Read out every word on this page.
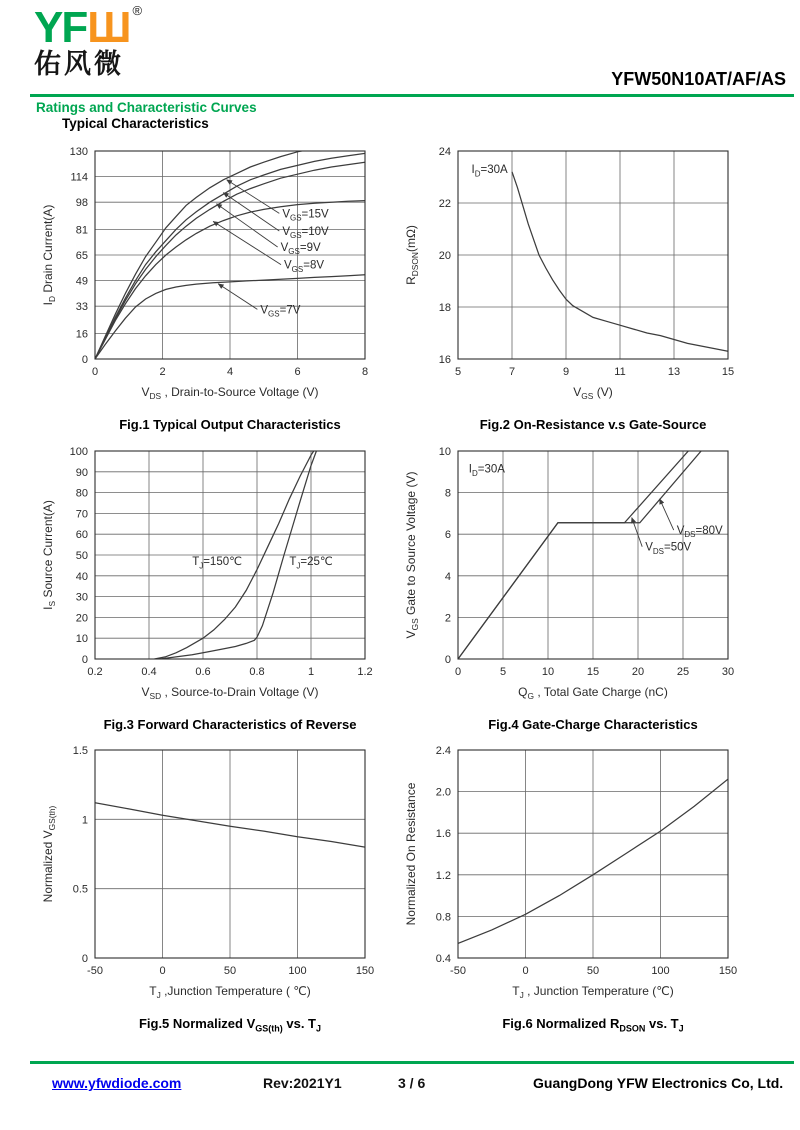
YF Ш ®
佑风微	YFW50N10AT/AF/AS
Ratings and Characteristic Curves
Typical Characteristics
0	2	4	6	8
0
16
33
49
65
81
98
114
130
$V_{DS}$ , Drain-to-Source Voltage (V)
$I_D$ Drain Current(A)	$V_{GS}=15V$
$V_{GS}=10V$
$V_{GS}=9V$
$V_{GS}=8V$
$V_{GS}=7V$
Fig.1 Typical Output Characteristics
5	7	9	11	13	15
16
18
20
22
24
$V_{GS}$ (V)
$R_{DSON}(m\Omega)$
$I_D=30A$
Fig.2 On-Resistance v.s Gate-Source
0.2	0.4	0.6	0.8	1	1.2
0
10
20
30
40
50
60
70
80
90
100
$V_{SD}$ , Source-to-Drain Voltage (V)
$I_S$ Source Current(A)	$T_J=150℃$	$T_J=25℃$
Fig.3 Forward Characteristics of Reverse
0	5	10	15	20	25	30
0
2
4
6
8
10
$Q_G$ , Total Gate Charge (nC)
$V_{GS}$ Gate to Source Voltage (V)
$I_D=30A$
$V_{DS}=80V$
$V_{DS}=50V$
Fig.4 Gate-Charge Characteristics
-50	0	50	100	150
0
0.5
1
1.5
$T_J$ ,Junction Temperature ( ℃)
Normalized $V_{GS(th)}$
Fig.5 Normalized $V_{GS(th)}$ vs. $T_J$
-50	0	50	100	150
0.4
0.8
1.2
1.6
2.0
2.4
$T_J$ , Junction Temperature (℃)
Normalized On Resistance
Fig.6 Normalized $R_{DSON}$ vs. $T_J$
www.yfwdiode.com	Rev:2021Y1	3 / 6	GuangDong YFW Electronics Co, Ltd.
